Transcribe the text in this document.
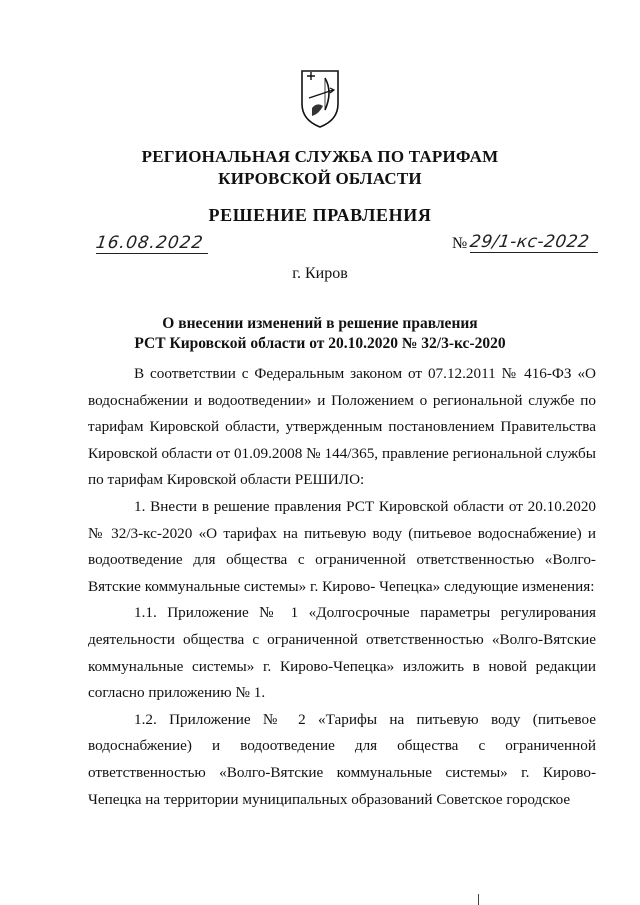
РЕГИОНАЛЬНАЯ СЛУЖБА ПО ТАРИФАМ
КИРОВСКОЙ ОБЛАСТИ
РЕШЕНИЕ ПРАВЛЕНИЯ
16.08.2022	№ 29/1-кс-2022
г. Киров
О внесении изменений в решение правления
РСТ Кировской области от 20.10.2020 № 32/3-кс-2020

В соответствии с Федеральным законом от 07.12.2011 № 416-ФЗ «О водоснабжении и водоотведении» и Положением о региональной службе по тарифам Кировской области, утвержденным постановлением Правительства Кировской области от 01.09.2008 № 144/365, правление региональной службы по тарифам Кировской области РЕШИЛО:

1. Внести в решение правления РСТ Кировской области от 20.10.2020 № 32/3-кс-2020 «О тарифах на питьевую воду (питьевое водоснабжение) и водоотведение для общества с ограниченной ответственностью «Волго-Вятские коммунальные системы» г. Кирово- Чепецка» следующие изменения:

1.1. Приложение № 1 «Долгосрочные параметры регулирования деятельности общества с ограниченной ответственностью «Волго-Вятские коммунальные системы» г. Кирово-Чепецка» изложить в новой редакции согласно приложению № 1.

1.2. Приложение № 2 «Тарифы на питьевую воду (питьевое водоснабжение) и водоотведение для общества с ограниченной ответственностью «Волго-Вятские коммунальные системы» г. Кирово- Чепецка на территории муниципальных образований Советское городское
